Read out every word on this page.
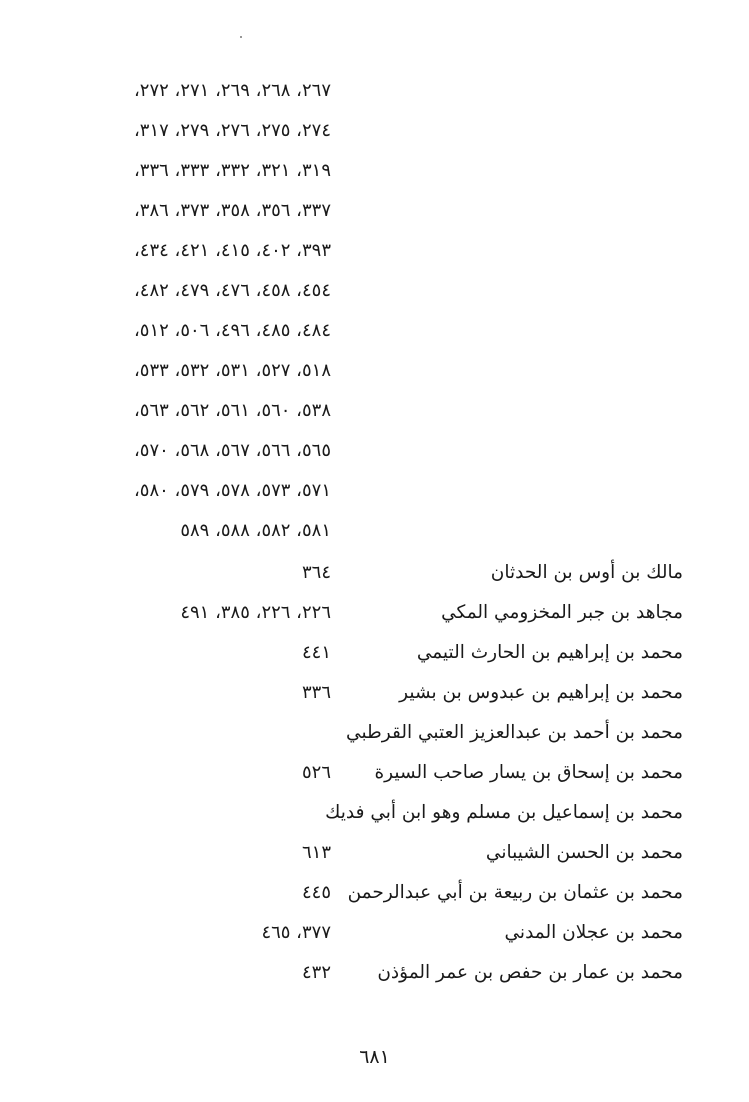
٢٦٧، ٢٦٨، ٢٦٩، ٢٧١، ٢٧٢،
٢٧٤، ٢٧٥، ٢٧٦، ٢٧٩، ٣١٧،
٣١٩، ٣٢١، ٣٣٢، ٣٣٣، ٣٣٦،
٣٣٧، ٣٥٦، ٣٥٨، ٣٧٣، ٣٨٦،
٣٩٣، ٤٠٢، ٤١٥، ٤٢١، ٤٣٤،
٤٥٤، ٤٥٨، ٤٧٦، ٤٧٩، ٤٨٢،
٤٨٤، ٤٨٥، ٤٩٦، ٥٠٦، ٥١٢،
٥١٨، ٥٢٧، ٥٣١، ٥٣٢، ٥٣٣،
٥٣٨، ٥٦٠، ٥٦١، ٥٦٢، ٥٦٣،
٥٦٥، ٥٦٦، ٥٦٧، ٥٦٨، ٥٧٠،
٥٧١، ٥٧٣، ٥٧٨، ٥٧٩، ٥٨٠،
٥٨١، ٥٨٢، ٥٨٨، ٥٨٩
مالك بن أوس بن الحدثان
٣٦٤
مجاهد بن جبر المخزومي المكي
٢٢٦، ٢٢٦، ٣٨٥، ٤٩١
محمد بن إبراهيم بن الحارث التيمي
٤٤١
محمد بن إبراهيم بن عبدوس بن بشير
٣٣٦
محمد بن أحمد بن عبدالعزيز العتبي القرطبي
محمد بن إسحاق بن يسار صاحب السيرة
٥٢٦
محمد بن إسماعيل بن مسلم وهو ابن أبي فديك
محمد بن الحسن الشيباني
٦١٣
محمد بن عثمان بن ربيعة بن أبي عبدالرحمن
٤٤٥
محمد بن عجلان المدني
٣٧٧، ٤٦٥
محمد بن عمار بن حفص بن عمر المؤذن
٤٣٢
٦٨١
